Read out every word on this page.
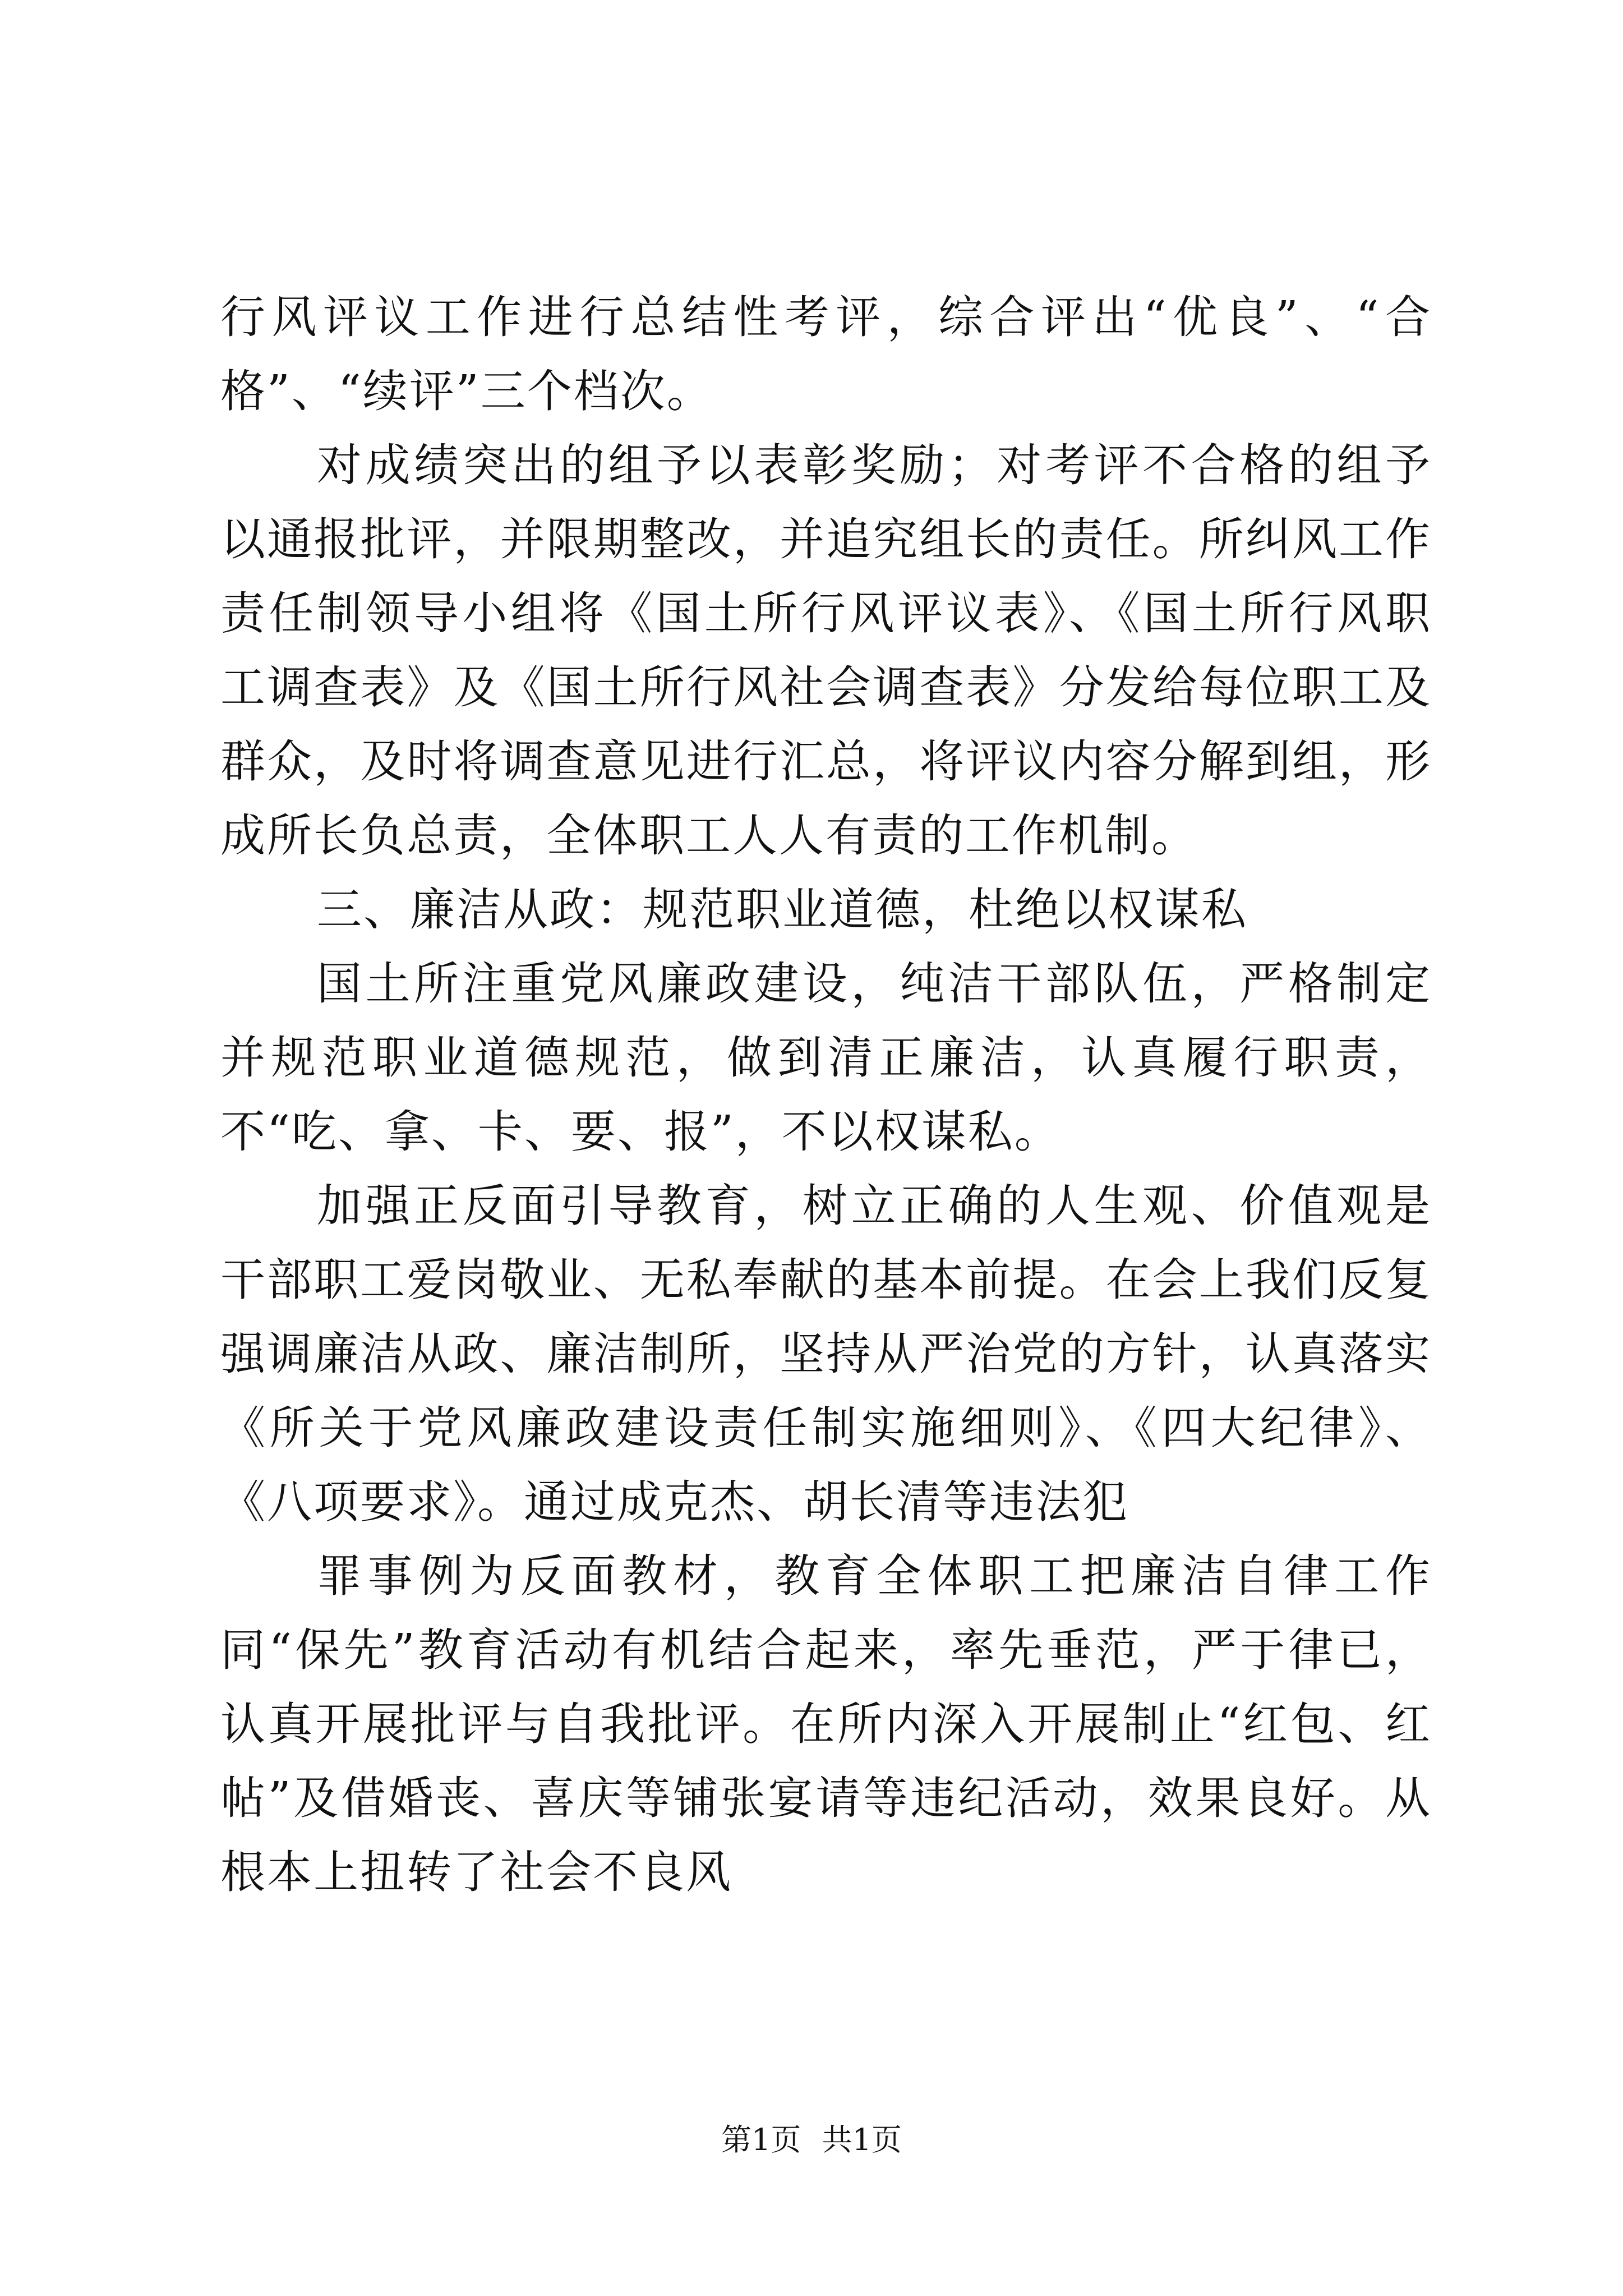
行风评议工作进行总结性考评，综合评出“优良”、“合格”、“续评”三个档次。

对成绩突出的组予以表彰奖励；对考评不合格的组予以通报批评，并限期整改，并追究组长的责任。所纠风工作责任制领导小组将《国土所行风评议表》、《国土所行风职工调查表》及《国土所行风社会调查表》分发给每位职工及群众，及时将调查意见进行汇总，将评议内容分解到组，形成所长负总责，全体职工人人有责的工作机制。

三、廉洁从政：规范职业道德，杜绝以权谋私

国土所注重党风廉政建设，纯洁干部队伍，严格制定并规范职业道德规范，做到清正廉洁，认真履行职责，不“吃、拿、卡、要、报”，不以权谋私。

加强正反面引导教育，树立正确的人生观、价值观是干部职工爱岗敬业、无私奉献的基本前提。在会上我们反复强调廉洁从政、廉洁制所，坚持从严治党的方针，认真落实《所关于党风廉政建设责任制实施细则》、《四大纪律》、《八项要求》。通过成克杰、胡长清等违法犯

罪事例为反面教材，教育全体职工把廉洁自律工作同“保先”教育活动有机结合起来，率先垂范，严于律已，认真开展批评与自我批评。在所内深入开展制止“红包、红帖”及借婚丧、喜庆等铺张宴请等违纪活动，效果良好。从根本上扭转了社会不良风

第1页 共1页
